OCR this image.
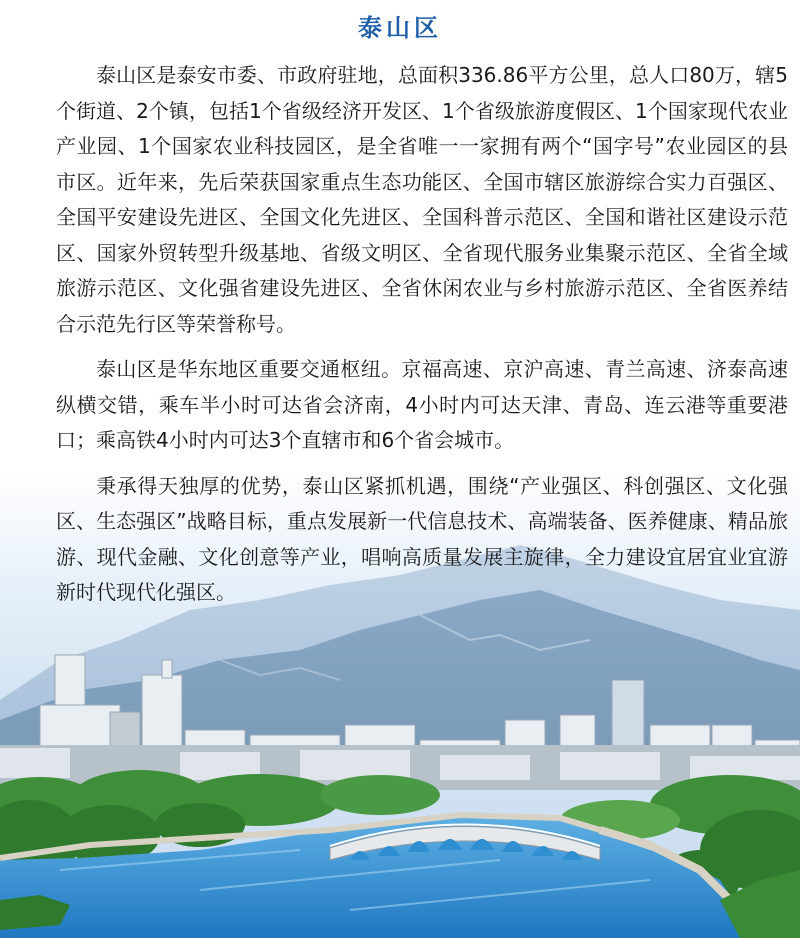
泰山区

泰山区是泰安市委、市政府驻地，总面积336.86平方公里，总人口80万，辖5个街道、2个镇，包括1个省级经济开发区、1个省级旅游度假区、1个国家现代农业产业园、1个国家农业科技园区，是全省唯一一家拥有两个“国字号”农业园区的县市区。近年来，先后荣获国家重点生态功能区、全国市辖区旅游综合实力百强区、全国平安建设先进区、全国文化先进区、全国科普示范区、全国和谐社区建设示范区、国家外贸转型升级基地、省级文明区、全省现代服务业集聚示范区、全省全域旅游示范区、文化强省建设先进区、全省休闲农业与乡村旅游示范区、全省医养结合示范先行区等荣誉称号。

泰山区是华东地区重要交通枢纽。京福高速、京沪高速、青兰高速、济泰高速纵横交错，乘车半小时可达省会济南，4小时内可达天津、青岛、连云港等重要港口；乘高铁4小时内可达3个直辖市和6个省会城市。

秉承得天独厚的优势，泰山区紧抓机遇，围绕“产业强区、科创强区、文化强区、生态强区”战略目标，重点发展新一代信息技术、高端装备、医养健康、精品旅游、现代金融、文化创意等产业，唱响高质量发展主旋律，全力建设宜居宜业宜游新时代现代化强区。
